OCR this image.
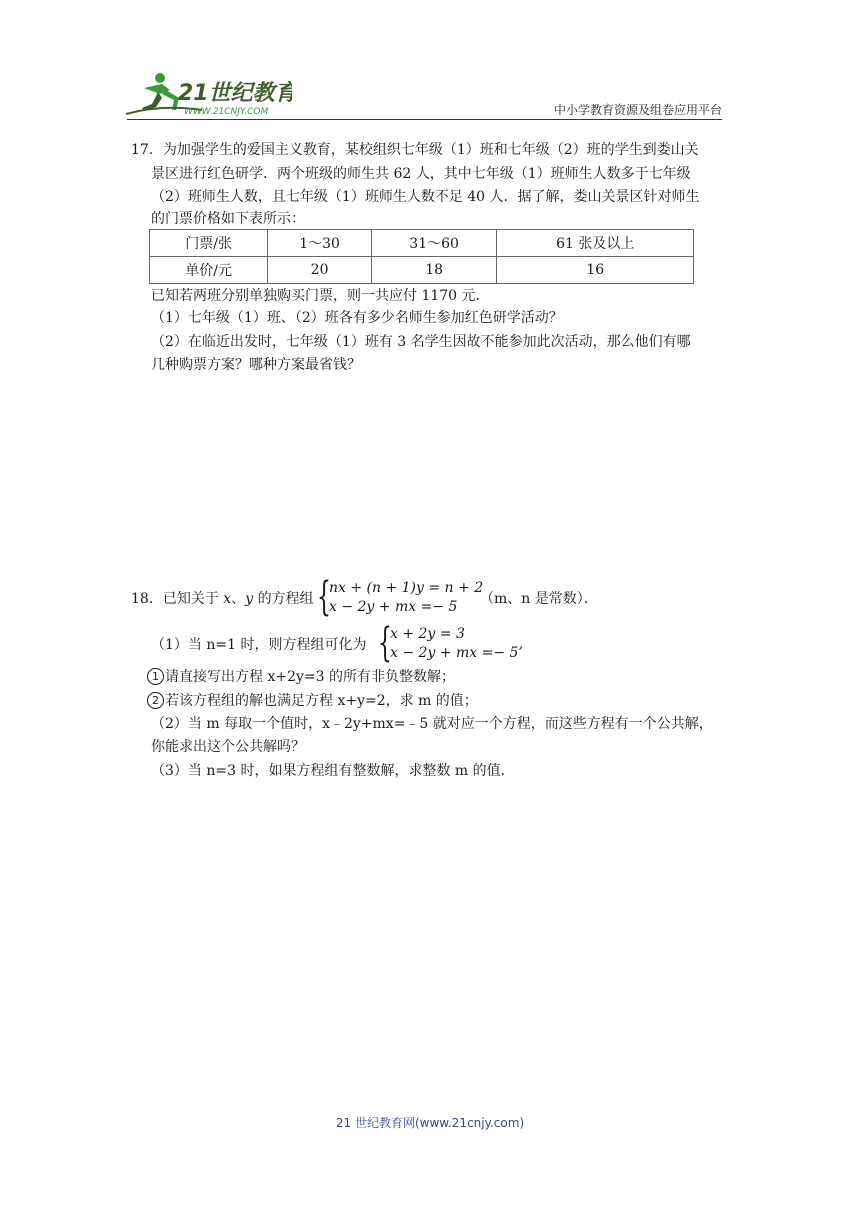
21世纪教育
WWW.21CNJY.COM	中小学教育资源及组卷应用平台
17．为加强学生的爱国主义教育，某校组织七年级（1）班和七年级（2）班的学生到娄山关
景区进行红色研学．两个班级的师生共 62 人，其中七年级（1）班师生人数多于七年级
（2）班师生人数，且七年级（1）班师生人数不足 40 人．据了解，娄山关景区针对师生
的门票价格如下表所示：
门票/张	1～30	31～60	61 张及以上
单价/元	20	18	16
已知若两班分别单独购买门票，则一共应付 1170 元．
（1）七年级（1）班、（2）班各有多少名师生参加红色研学活动？
（2）在临近出发时，七年级（1）班有 3 名学生因故不能参加此次活动，那么他们有哪
几种购票方案？哪种方案最省钱？
18．已知关于 x、y 的方程组 {
nx + (n + 1)y = n + 2
x − 2y + mx =− 5 （m、n 是常数）．
（1）当 n=1 时，则方程组可化为 {
x + 2y = 3
x − 2y + mx =− 5’
1 请直接写出方程 x+2y=3 的所有非负整数解；
2 若该方程组的解也满足方程 x+y=2，求 m 的值；
（2）当 m 每取一个值时，x﹣2y+mx=﹣5 就对应一个方程，而这些方程有一个公共解，
你能求出这个公共解吗？
（3）当 n=3 时，如果方程组有整数解，求整数 m 的值．
21 世纪教育网(www.21cnjy.com)
